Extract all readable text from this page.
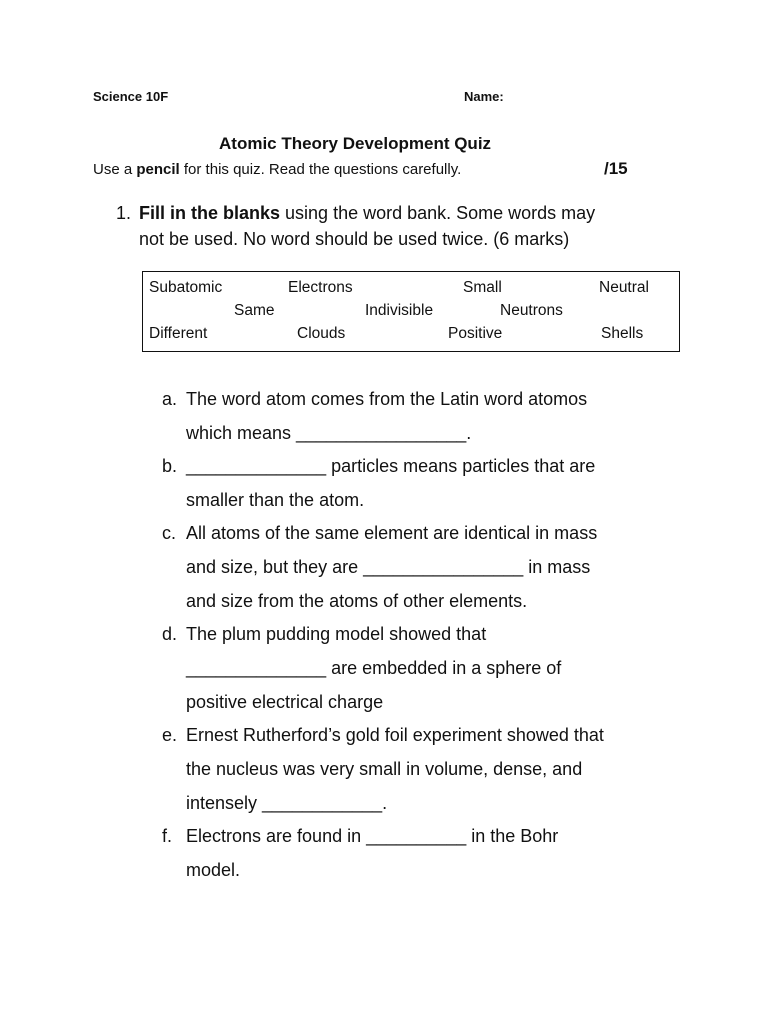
Science 10F	Name:
Atomic Theory Development Quiz
Use a pencil for this quiz. Read the questions carefully.	/15
1. Fill in the blanks using the word bank. Some words may
not be used. No word should be used twice. (6 marks)
Subatomic	Electrons	Small	Neutral
Same	Indivisible	Neutrons
Different	Clouds	Positive	Shells
a. The word atom comes from the Latin word atomos
which means _________________.
b. ______________ particles means particles that are
smaller than the atom.
c. All atoms of the same element are identical in mass
and size, but they are ________________ in mass
and size from the atoms of other elements.
d. The plum pudding model showed that
______________ are embedded in a sphere of
positive electrical charge
e. Ernest Rutherford’s gold foil experiment showed that
the nucleus was very small in volume, dense, and
intensely ____________.
f. Electrons are found in __________ in the Bohr
model.
